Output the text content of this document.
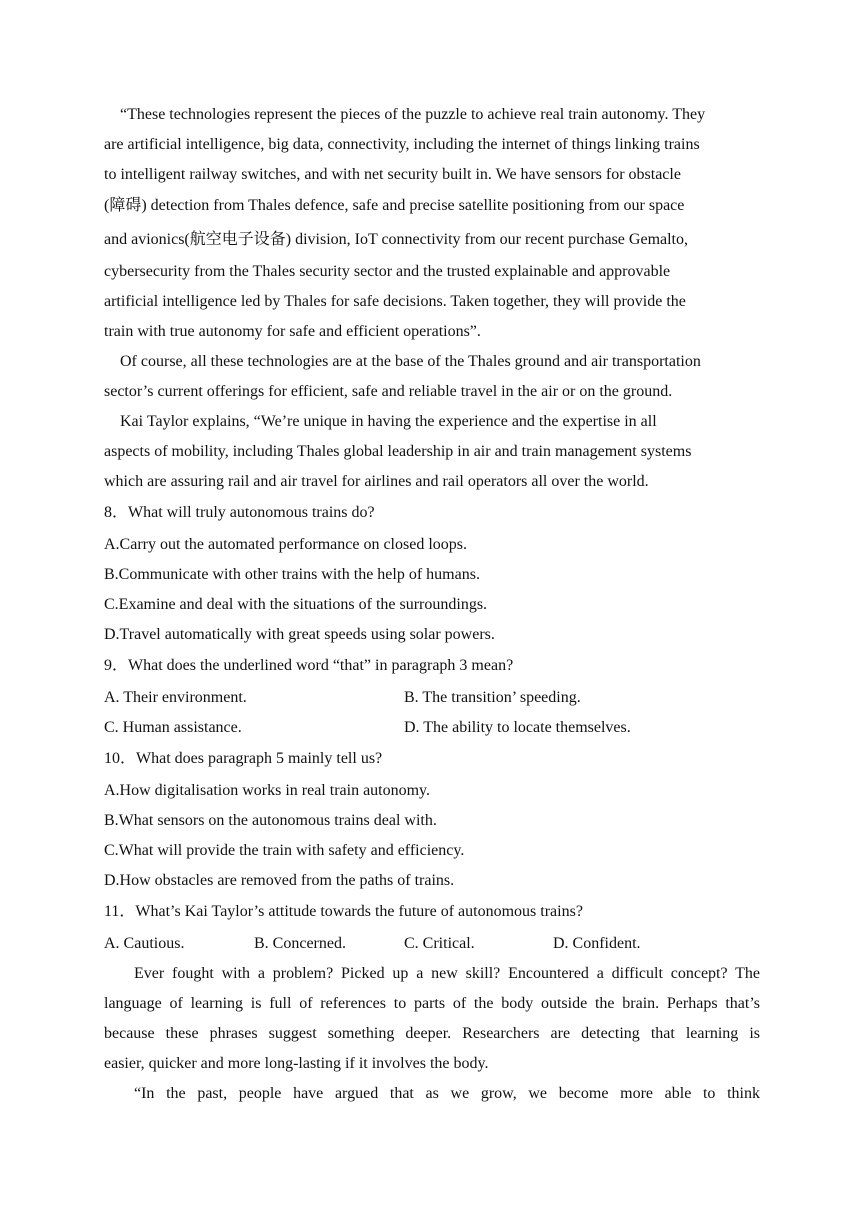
“These technologies represent the pieces of the puzzle to achieve real train autonomy. They
are artificial intelligence, big data, connectivity, including the internet of things linking trains
to intelligent railway switches, and with net security built in. We have sensors for obstacle
(障碍) detection from Thales defence, safe and precise satellite positioning from our space
and avionics(航空电子设备) division, IoT connectivity from our recent purchase Gemalto,
cybersecurity from the Thales security sector and the trusted explainable and approvable
artificial intelligence led by Thales for safe decisions. Taken together, they will provide the
train with true autonomy for safe and efficient operations”.
Of course, all these technologies are at the base of the Thales ground and air transportation
sector’s current offerings for efficient, safe and reliable travel in the air or on the ground.
Kai Taylor explains, “We’re unique in having the experience and the expertise in all
aspects of mobility, including Thales global leadership in air and train management systems
which are assuring rail and air travel for airlines and rail operators all over the world.
8．What will truly autonomous trains do?
A.Carry out the automated performance on closed loops.
B.Communicate with other trains with the help of humans.
C.Examine and deal with the situations of the surroundings.
D.Travel automatically with great speeds using solar powers.
9．What does the underlined word “that” in paragraph 3 mean?
A. Their environment.	B. The transition’ speeding.
C. Human assistance.	D. The ability to locate themselves.
10．What does paragraph 5 mainly tell us?
A.How digitalisation works in real train autonomy.
B.What sensors on the autonomous trains deal with.
C.What will provide the train with safety and efficiency.
D.How obstacles are removed from the paths of trains.
11．What’s Kai Taylor’s attitude towards the future of autonomous trains?
A. Cautious.	B. Concerned.	C. Critical.	D. Confident.
Ever fought with a problem? Picked up a new skill? Encountered a difficult concept? The
language of learning is full of references to parts of the body outside the brain. Perhaps that’s
because these phrases suggest something deeper. Researchers are detecting that learning is
easier, quicker and more long-lasting if it involves the body.
“In the past, people have argued that as we grow, we become more able to think
